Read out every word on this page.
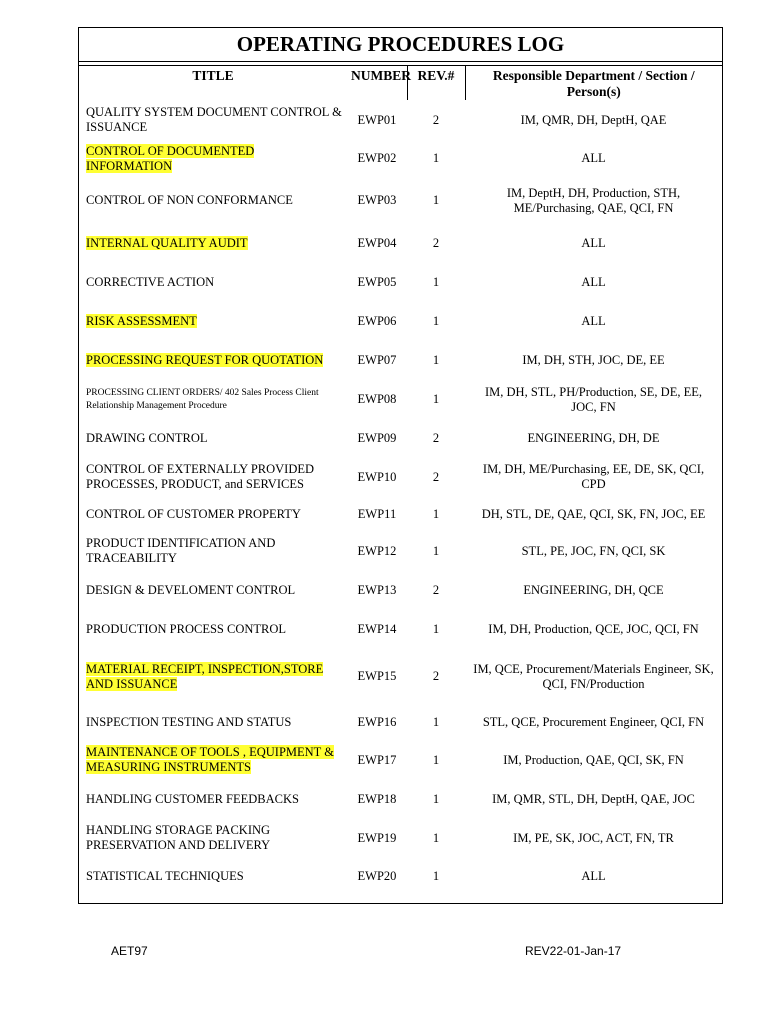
OPERATING PROCEDURES LOG
TITLE	NUMBER	REV.#	Responsible Department / Section / Person(s)
QUALITY SYSTEM DOCUMENT CONTROL & ISSUANCE	EWP01	2	IM, QMR, DH, DeptH, QAE
CONTROL OF DOCUMENTED INFORMATION	EWP02	1	ALL
CONTROL OF NON CONFORMANCE	EWP03	1	IM, DeptH, DH, Production, STH, ME/Purchasing, QAE, QCI, FN
INTERNAL QUALITY AUDIT	EWP04	2	ALL
CORRECTIVE ACTION	EWP05	1	ALL
RISK ASSESSMENT	EWP06	1	ALL
PROCESSING REQUEST FOR QUOTATION	EWP07	1	IM, DH, STH, JOC, DE, EE
PROCESSING CLIENT ORDERS/ 402 Sales Process Client Relationship Management Procedure	EWP08	1	IM, DH, STL, PH/Production, SE, DE, EE, JOC, FN
DRAWING CONTROL	EWP09	2	ENGINEERING, DH, DE
CONTROL OF EXTERNALLY PROVIDED PROCESSES, PRODUCT, and SERVICES	EWP10	2	IM, DH, ME/Purchasing, EE, DE, SK, QCI, CPD
CONTROL OF CUSTOMER PROPERTY	EWP11	1	DH, STL, DE, QAE, QCI, SK, FN, JOC, EE
PRODUCT IDENTIFICATION AND TRACEABILITY	EWP12	1	STL, PE, JOC, FN, QCI, SK
DESIGN & DEVELOMENT CONTROL	EWP13	2	ENGINEERING, DH, QCE
PRODUCTION PROCESS CONTROL	EWP14	1	IM, DH, Production, QCE, JOC, QCI, FN
MATERIAL RECEIPT, INSPECTION,STORE AND ISSUANCE	EWP15	2	IM, QCE, Procurement/Materials Engineer, SK, QCI, FN/Production
INSPECTION TESTING AND STATUS	EWP16	1	STL, QCE, Procurement Engineer, QCI, FN
MAINTENANCE OF TOOLS , EQUIPMENT & MEASURING INSTRUMENTS	EWP17	1	IM, Production, QAE, QCI, SK, FN
HANDLING CUSTOMER FEEDBACKS	EWP18	1	IM, QMR, STL, DH, DeptH, QAE, JOC
HANDLING STORAGE PACKING PRESERVATION AND DELIVERY	EWP19	1	IM, PE, SK, JOC, ACT, FN, TR
STATISTICAL TECHNIQUES	EWP20	1	ALL
AET97	REV22-01-Jan-17
